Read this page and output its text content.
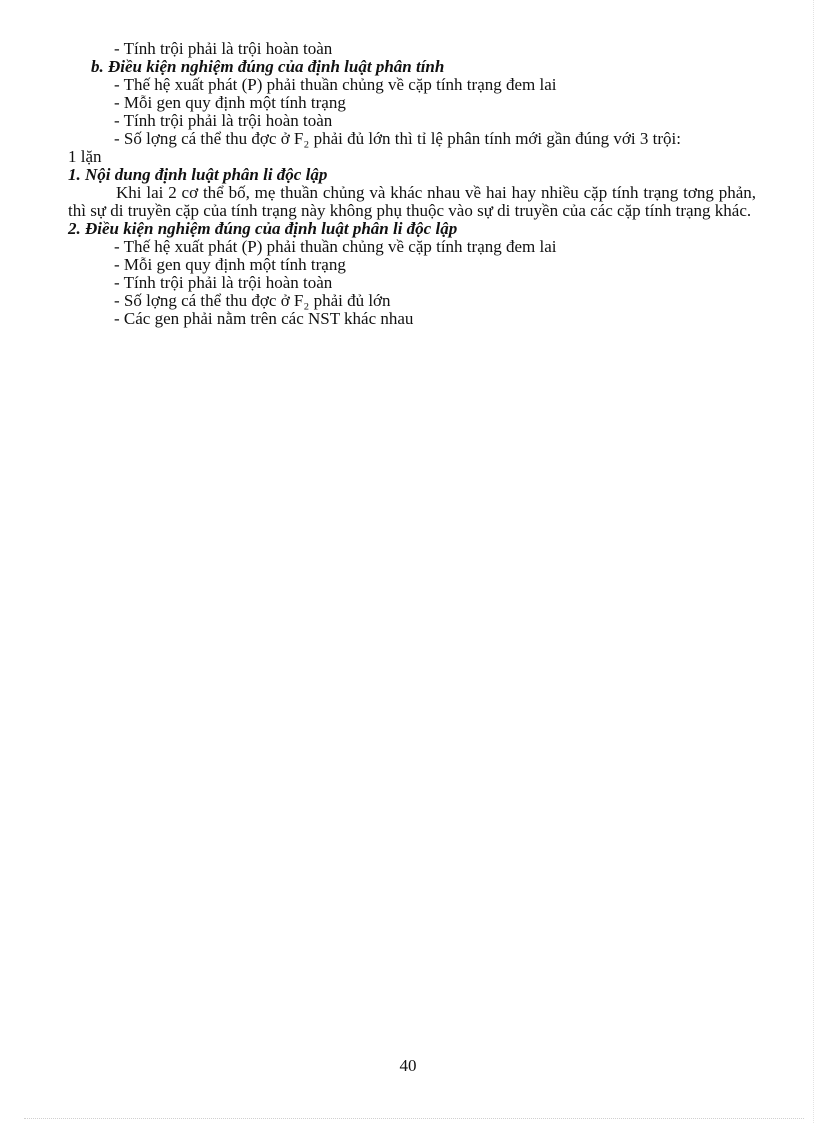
- Tính trội phải là trội hoàn toàn

b. Điều kiện nghiệm đúng của định luật phân tính

- Thế hệ xuất phát (P) phải thuần chủng về cặp tính trạng đem lai

- Mỗi gen quy định một tính trạng

- Tính trội phải là trội hoàn toàn

- Số lợng cá thể thu đợc ở F₂ phải đủ lớn thì tỉ lệ phân tính mới gần đúng với 3 trội:

1 lặn

1. Nội dung định luật phân li độc lập

Khi lai 2 cơ thể bố, mẹ thuần chủng và khác nhau về hai hay nhiều cặp tính trạng tơng phản, thì sự di truyền cặp của tính trạng này không phụ thuộc vào sự di truyền của các cặp tính trạng khác.

2. Điều kiện nghiệm đúng của định luật phân li độc lập

- Thế hệ xuất phát (P) phải thuần chủng về cặp tính trạng đem lai

- Mỗi gen quy định một tính trạng

- Tính trội phải là trội hoàn toàn

- Số lợng cá thể thu đợc ở F₂ phải đủ lớn

- Các gen phải nằm trên các NST khác nhau

40
